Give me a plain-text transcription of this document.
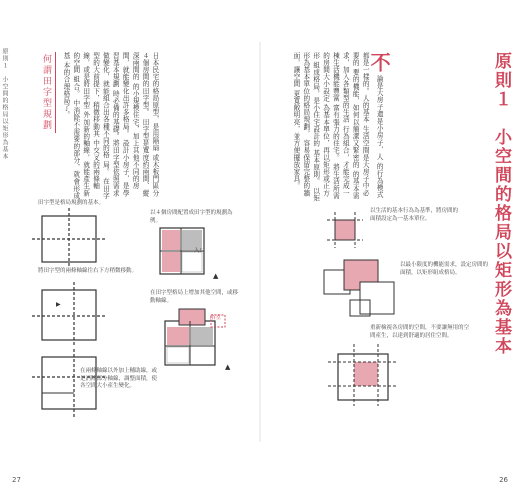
原則１　小空間的格局以矩形為基本	何謂田字型規劃	日本民宅的格局原型，是用隔扇 或木板門區分４個房間的田字型。 田字型是寬度約兩間、縱深兩間的 的小規模住宅，加上其他不同的房 間，就能變化出許多格局。 設計小房子，是學習基本規劃 時必備的基礎。將田字型依照需求 做變化，就能組合出各種不同的格 局。 在田字型的大前提下，稍微移動其 中交叉的兩條軸線，或是將田字型 外加新的軸線，就能產生新的空間 組合。 中消除不需要的部分，就會形成基 本的合理格局了。
田字型是格局規劃的基本。
▶
將田字型的兩條軸線往右下方稍微移動。
在兩條軸線以外加上輔助線，或是消除部分軸線，調整面積，使各空間大小產生變化。
▲
以４個房間配置成田字型的規劃為例。
入口
▲
在田字型格局上增加其他空間，或移動軸線。
浴室
27
原則１　小空間的格局以矩形為基本
不 論是大房子還是小房子，人 的行為模式都是一樣的。人的基本 生活空間是大房子中必要的 要的機能，如何以簡潔又緊密的 的基本需求，加入各類型的生活 行為組合，才能完成一棟生活機能豐富 富有張力的住宅。 將生活所需的房間大小設定 為基本單位，再以矩形或正方形 組成格局，是小住宅設計的 基本原則。 以矩形為基本單位的格局規劃， 容易保留完整的牆面，讓空間 更寬敞明亮，並方便擺放家具。
以生活的基本行為為基準，將房間的面積設定為一基本單位。
以最小限度的機能需求，設定房間的面積，以矩形組成格局。
重新檢視各房間的空間，不要讓無用的空間產生，以達到舒適的居住空間。
26
